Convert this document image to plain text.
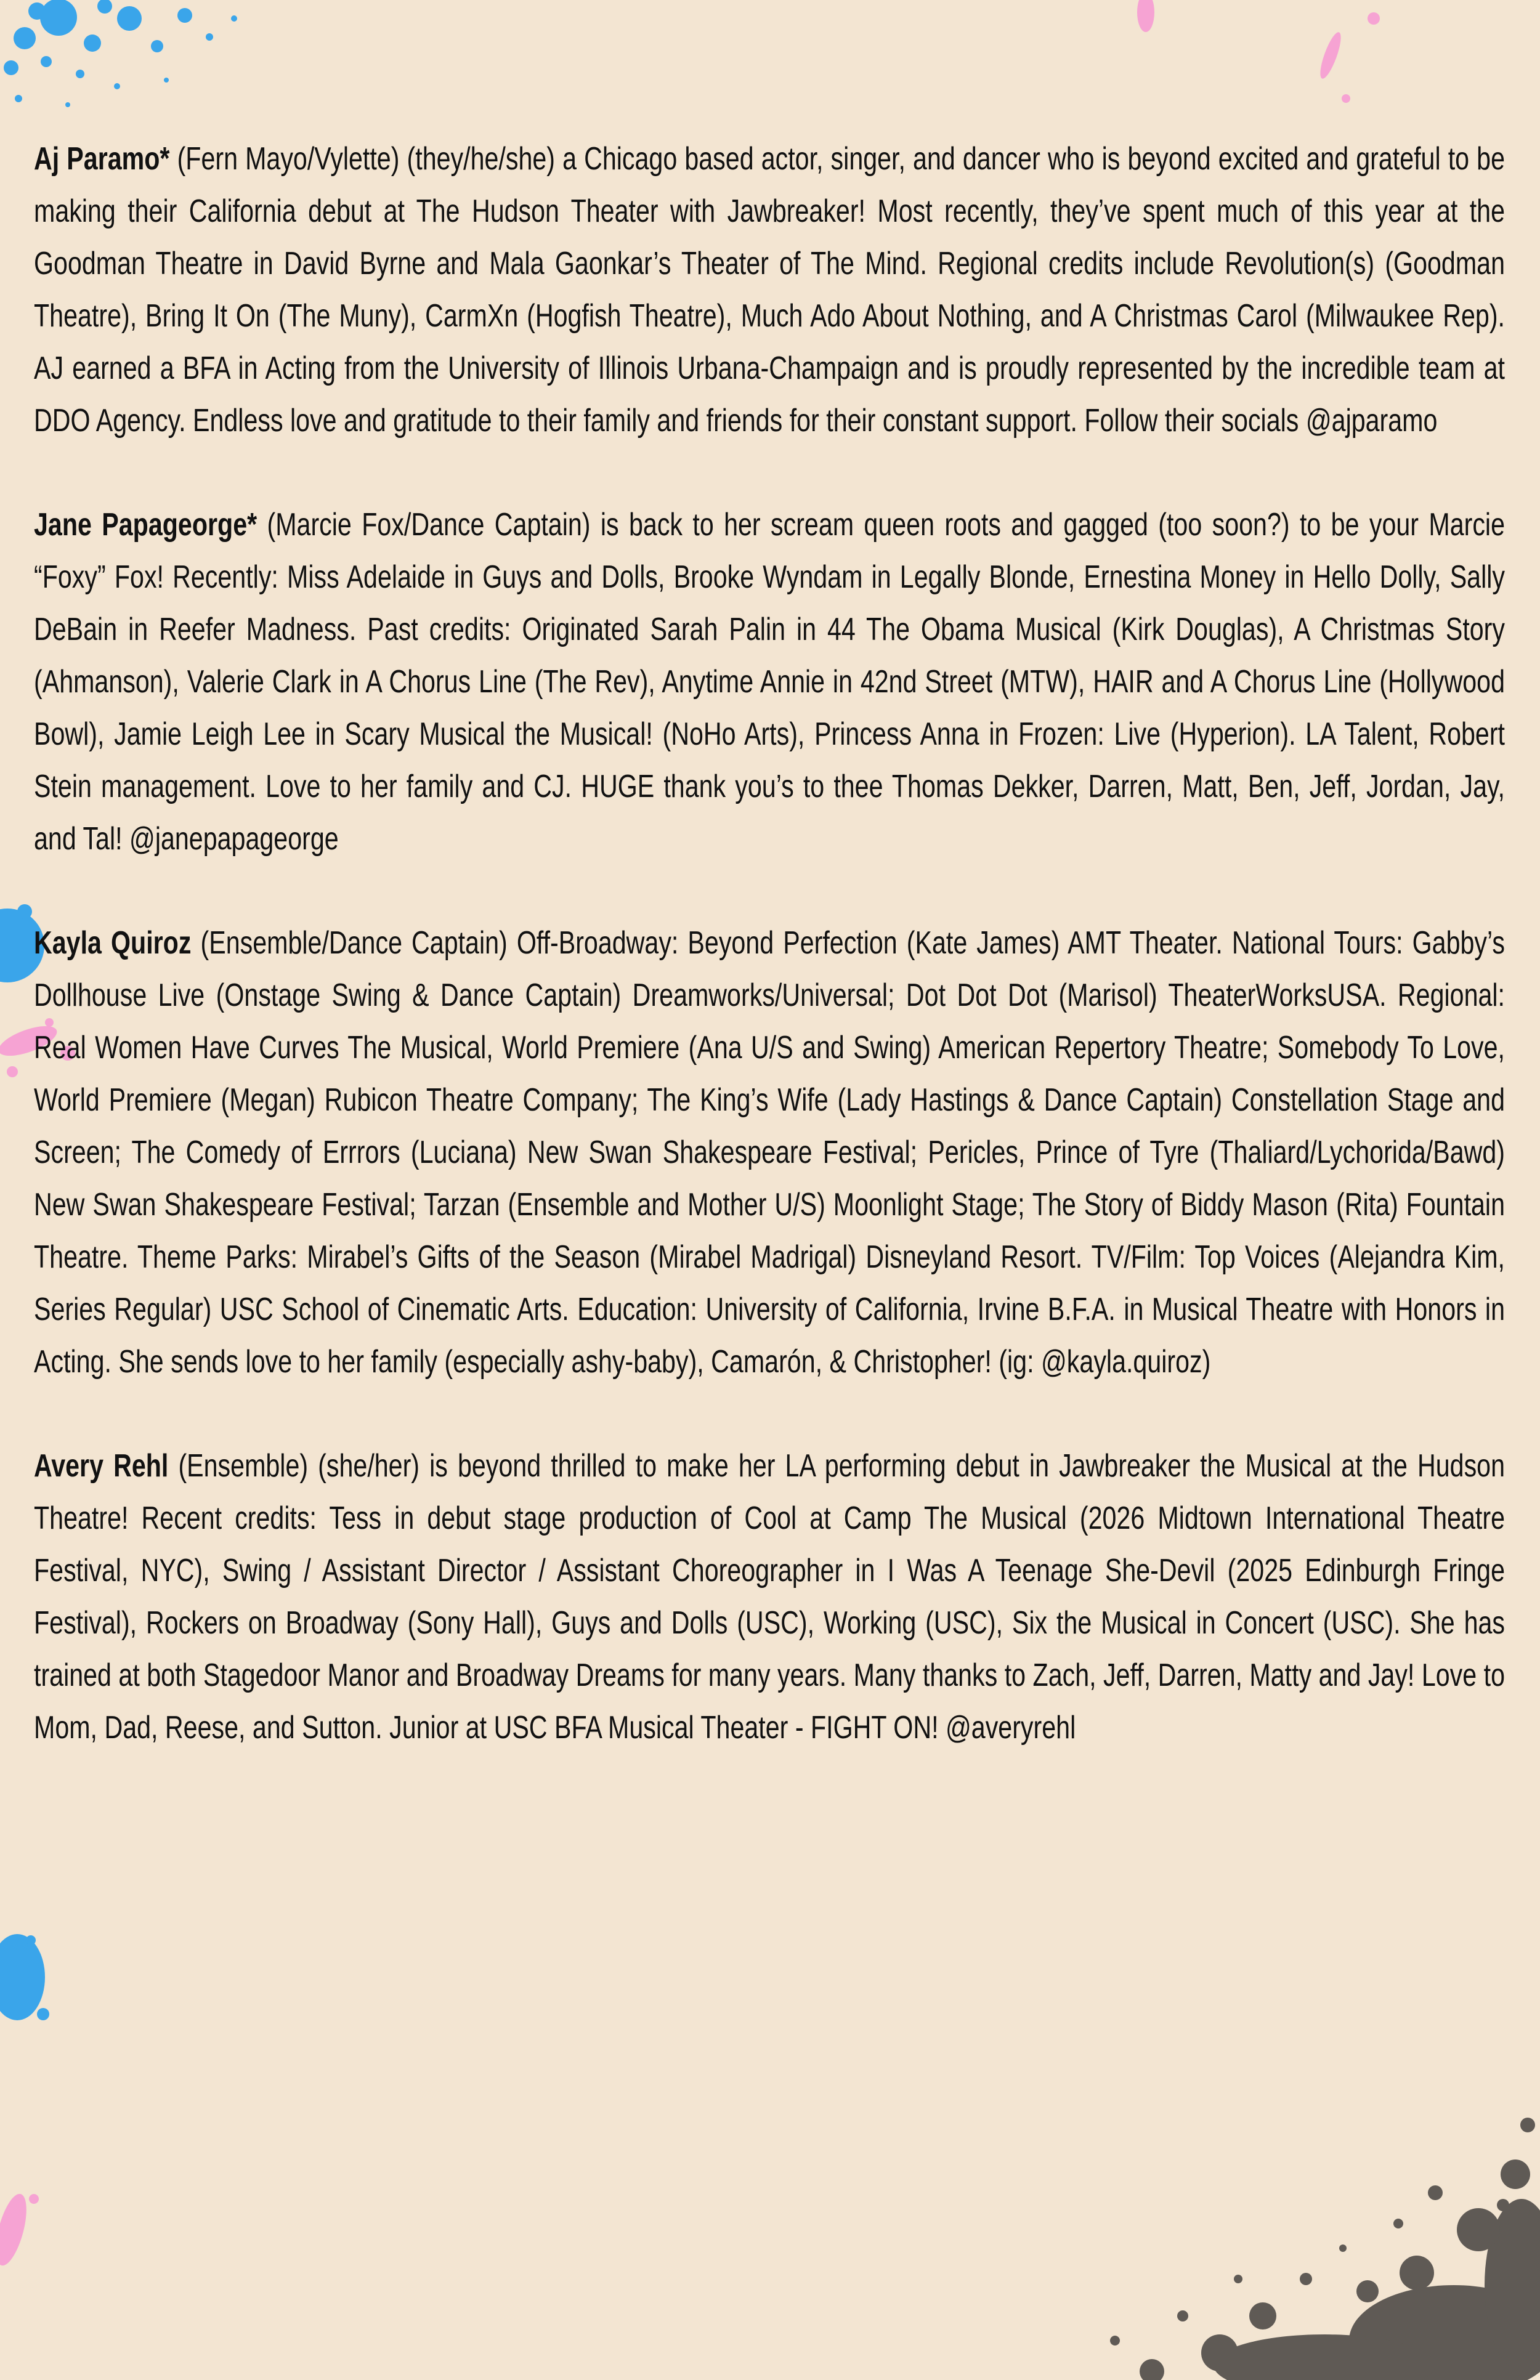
Aj Paramo* (Fern Mayo/Vylette) (they/he/she) a Chicago based actor, singer, and dancer who is beyond excited and grateful to be making their California debut at The Hudson Theater with Jawbreaker! Most recently, they’ve spent much of this year at the Goodman Theatre in David Byrne and Mala Gaonkar’s Theater of The Mind. Regional credits include Revolution(s) (Goodman Theatre), Bring It On (The Muny), CarmXn (Hogfish Theatre), Much Ado About Nothing, and A Christmas Carol (Milwaukee Rep). AJ earned a BFA in Acting from the University of Illinois Urbana-Champaign and is proudly represented by the incredible team at DDO Agency. Endless love and gratitude to their family and friends for their constant support. Follow their socials @ajparamo

Jane Papageorge* (Marcie Fox/Dance Captain) is back to her scream queen roots and gagged (too soon?) to be your Marcie “Foxy” Fox! Recently: Miss Adelaide in Guys and Dolls, Brooke Wyndam in Legally Blonde, Ernestina Money in Hello Dolly, Sally DeBain in Reefer Madness. Past credits: Originated Sarah Palin in 44 The Obama Musical (Kirk Douglas), A Christmas Story (Ahmanson), Valerie Clark in A Chorus Line (The Rev), Anytime Annie in 42nd Street (MTW), HAIR and A Chorus Line (Hollywood Bowl), Jamie Leigh Lee in Scary Musical the Musical! (NoHo Arts), Princess Anna in Frozen: Live (Hyperion). LA Talent, Robert Stein management. Love to her family and CJ. HUGE thank you’s to thee Thomas Dekker, Darren, Matt, Ben, Jeff, Jordan, Jay, and Tal! @janepapageorge

Kayla Quiroz (Ensemble/Dance Captain) Off-Broadway: Beyond Perfection (Kate James) AMT Theater. National Tours: Gabby’s Dollhouse Live (Onstage Swing & Dance Captain) Dreamworks/Universal; Dot Dot Dot (Marisol) TheaterWorksUSA. Regional: Real Women Have Curves The Musical, World Premiere (Ana U/S and Swing) American Repertory Theatre; Somebody To Love, World Premiere (Megan) Rubicon Theatre Company; The King’s Wife (Lady Hastings & Dance Captain) Constellation Stage and Screen; The Comedy of Errrors (Luciana) New Swan Shakespeare Festival; Pericles, Prince of Tyre (Thaliard/Lychorida/Bawd) New Swan Shakespeare Festival; Tarzan (Ensemble and Mother U/S) Moonlight Stage; The Story of Biddy Mason (Rita) Fountain Theatre. Theme Parks: Mirabel’s Gifts of the Season (Mirabel Madrigal) Disneyland Resort. TV/Film: Top Voices (Alejandra Kim, Series Regular) USC School of Cinematic Arts. Education: University of California, Irvine B.F.A. in Musical Theatre with Honors in Acting. She sends love to her family (especially ashy-baby), Camarón, & Christopher! (ig: @kayla.quiroz)

Avery Rehl (Ensemble) (she/her) is beyond thrilled to make her LA performing debut in Jawbreaker the Musical at the Hudson Theatre! Recent credits: Tess in debut stage production of Cool at Camp The Musical (2026 Midtown International Theatre Festival, NYC), Swing / Assistant Director / Assistant Choreographer in I Was A Teenage She-Devil (2025 Edinburgh Fringe Festival), Rockers on Broadway (Sony Hall), Guys and Dolls (USC), Working (USC), Six the Musical in Concert (USC). She has trained at both Stagedoor Manor and Broadway Dreams for many years. Many thanks to Zach, Jeff, Darren, Matty and Jay! Love to Mom, Dad, Reese, and Sutton. Junior at USC BFA Musical Theater - FIGHT ON! @averyrehl
